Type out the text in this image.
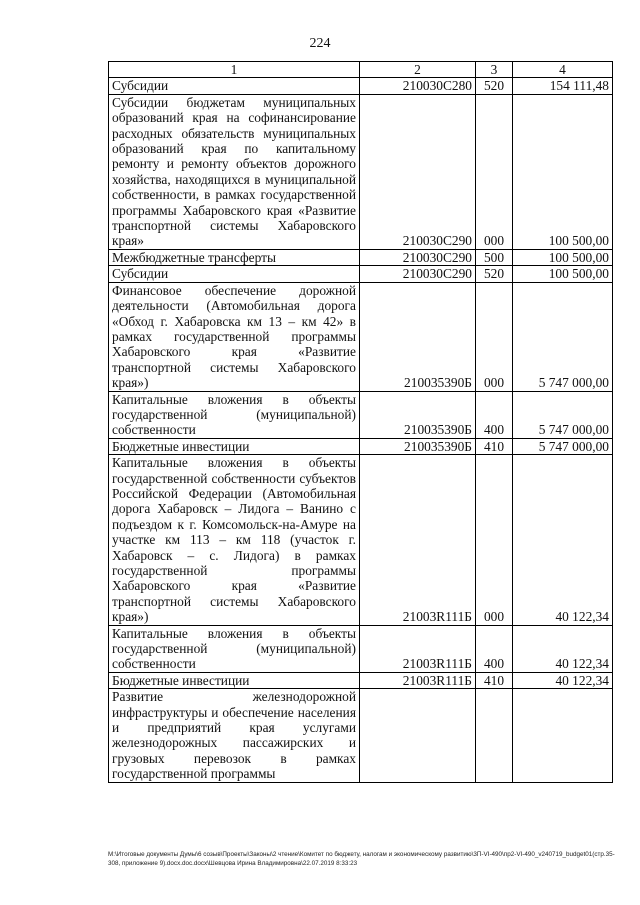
224
1	2	3	4
Субсидии	210030С280	520	154 111,48
Субсидии бюджетам муниципальных образований края на софинансирование расходных обязательств муниципальных образований края по капитальному ремонту и ремонту объектов дорожного хозяйства, находящихся в муниципальной собственности, в рамках государственной программы Хабаровского края «Развитие транспортной системы Хабаровского края»	210030С290	000	100 500,00
Межбюджетные трансферты	210030С290	500	100 500,00
Субсидии	210030С290	520	100 500,00
Финансовое обеспечение дорожной деятельности (Автомобильная дорога «Обход г. Хабаровска км 13 – км 42» в рамках государственной программы Хабаровского края «Развитие транспортной системы Хабаровского края»)	210035390Б	000	5 747 000,00
Капитальные вложения в объекты государственной (муниципальной) собственности	210035390Б	400	5 747 000,00
Бюджетные инвестиции	210035390Б	410	5 747 000,00
Капитальные вложения в объекты государственной собственности субъектов Российской Федерации (Автомобильная дорога Хабаровск – Лидога – Ванино с подъездом к г. Комсомольск-на-Амуре на участке км 113 – км 118 (участок г. Хабаровск – с. Лидога) в рамках государственной программы Хабаровского края «Развитие транспортной системы Хабаровского края»)	21003R111Б	000	40 122,34
Капитальные вложения в объекты государственной (муниципальной) собственности	21003R111Б	400	40 122,34
Бюджетные инвестиции	21003R111Б	410	40 122,34
Развитие железнодорожной инфраструктуры и обеспечение населения и предприятий края услугами железнодорожных пассажирских и грузовых перевозок в рамках государственной программы			
M:\Итоговые документы Думы\6 созыв\Проекты\Законы\2 чтение\Комитет по бюджету, налогам и экономическому развитию\3П-VI-490\пр2-VI-490_v240719_budget01(стр.35-308, приложение 9).docx.doc.docx\Шевцова Ирина Владимировна\22.07.2019 8:33:23
